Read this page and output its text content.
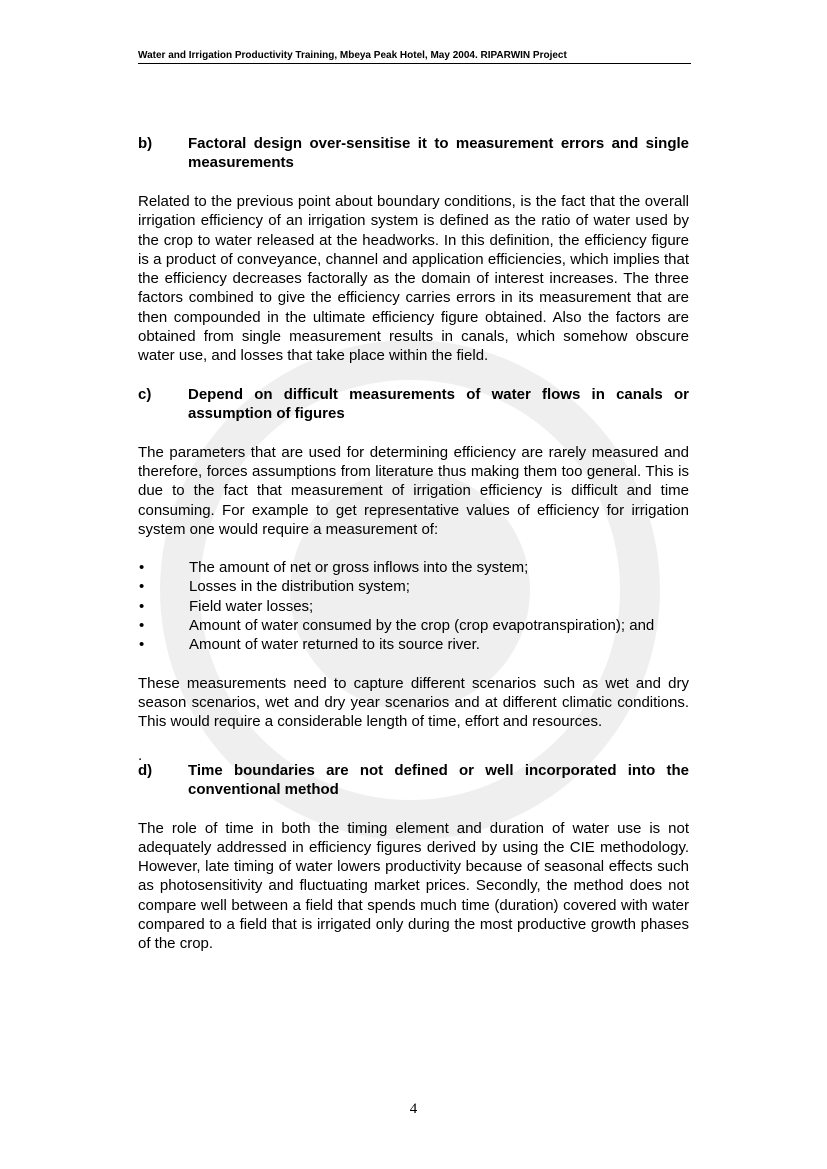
Water and Irrigation Productivity Training, Mbeya Peak Hotel, May 2004. RIPARWIN Project
b)	Factoral design over-sensitise it to measurement errors and single measurements

Related to the previous point about boundary conditions, is the fact that the overall irrigation efficiency of an irrigation system is defined as the ratio of water used by the crop to water released at the headworks. In this definition, the efficiency figure is a product of conveyance, channel and application efficiencies, which implies that the efficiency decreases factorally as the domain of interest increases. The three factors combined to give the efficiency carries errors in its measurement that are then compounded in the ultimate efficiency figure obtained. Also the factors are obtained from single measurement results in canals, which somehow obscure water use, and losses that take place within the field.

c)	Depend on difficult measurements of water flows in canals or assumption of figures

The parameters that are used for determining efficiency are rarely measured and therefore, forces assumptions from literature thus making them too general. This is due to the fact that measurement of irrigation efficiency is difficult and time consuming. For example to get representative values of efficiency for irrigation system one would require a measurement of:

•	The amount of net or gross inflows into the system;
•	Losses in the distribution system;
•	Field water losses;
•	Amount of water consumed by the crop (crop evapotranspiration); and
•	Amount of water returned to its source river.

These measurements need to capture different scenarios such as wet and dry season scenarios, wet and dry year scenarios and at different climatic conditions. This would require a considerable length of time, effort and resources.

.
d)	Time boundaries are not defined or well incorporated into the conventional method

The role of time in both the timing element and duration of water use is not adequately addressed in efficiency figures derived by using the CIE methodology. However, late timing of water lowers productivity because of seasonal effects such as photosensitivity and fluctuating market prices. Secondly, the method does not compare well between a field that spends much time (duration) covered with water compared to a field that is irrigated only during the most productive growth phases of the crop.

4
